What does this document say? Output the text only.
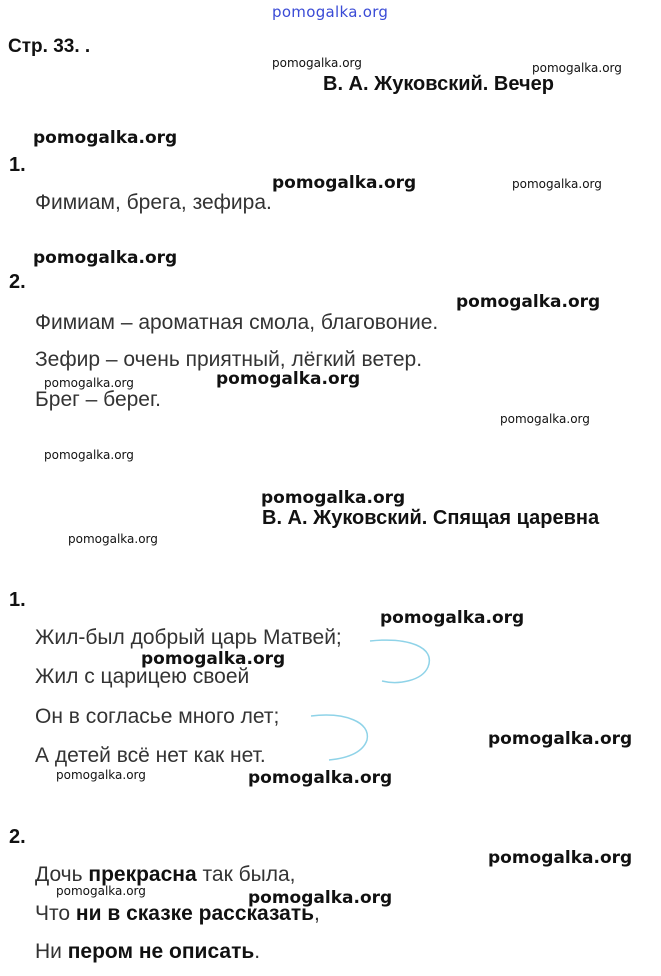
pomogalka.org
Стр. 33. .
В. А. Жуковский. Вечер
1.
Фимиам, брега, зефира.
2.
Фимиам – ароматная смола, благовоние.
Зефир – очень приятный, лёгкий ветер.
Брег – берег.
В. А. Жуковский. Спящая царевна
1.
Жил-был добрый царь Матвей;
Жил с царицею своей
Он в согласье много лет;
А детей всё нет как нет.
2.
Дочь прекрасна так была,
Что ни в сказке рассказать,
Ни пером не описать.
pomogalka.org
pomogalka.org
pomogalka.org
pomogalka.org
pomogalka.org
pomogalka.org
pomogalka.org
pomogalka.org
pomogalka.org
pomogalka.org
pomogalka.org
pomogalka.org
pomogalka.org	pomogalka.org
pomogalka.org
pomogalka.org
pomogalka.org
pomogalka.org
pomogalka.org
pomogalka.org
pomogalka.org
